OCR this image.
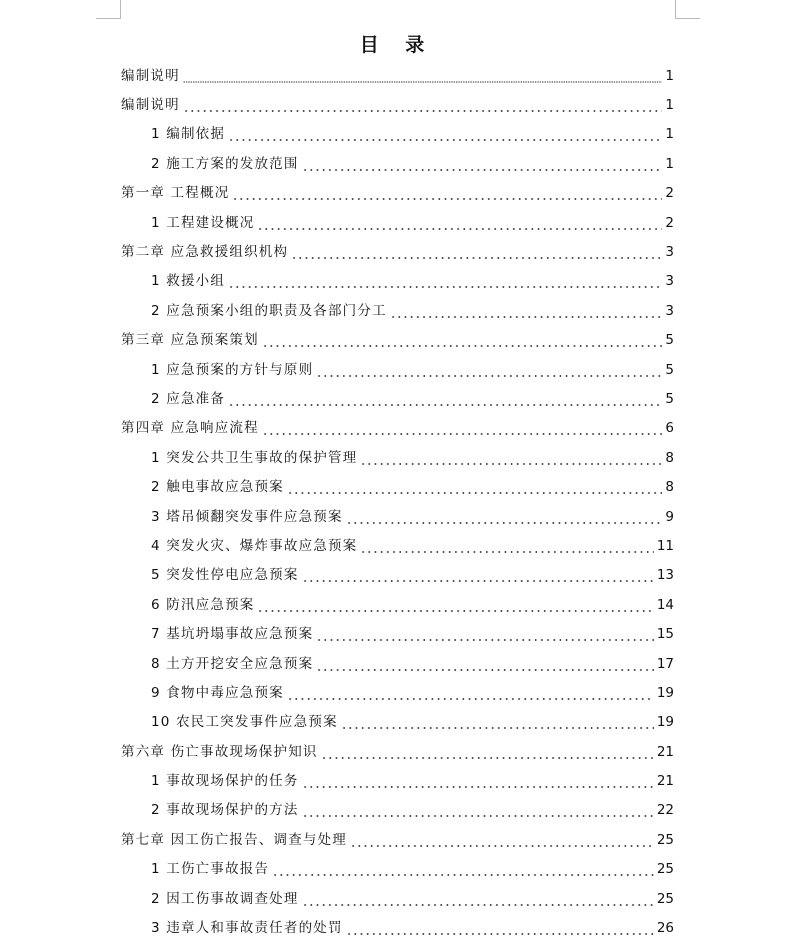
目 录
编制说明	1
编制说明	1
1 编制依据	1
2 施工方案的发放范围	1
第一章 工程概况	2
1 工程建设概况	2
第二章 应急救援组织机构	3
1 救援小组	3
2 应急预案小组的职责及各部门分工	3
第三章 应急预案策划	5
1 应急预案的方针与原则	5
2 应急准备	5
第四章 应急响应流程	6
1 突发公共卫生事故的保护管理	8
2 触电事故应急预案	8
3 塔吊倾翻突发事件应急预案	9
4 突发火灾、爆炸事故应急预案	11
5 突发性停电应急预案	13
6 防汛应急预案	14
7 基坑坍塌事故应急预案	15
8 土方开挖安全应急预案	17
9 食物中毒应急预案	19
10 农民工突发事件应急预案	19
第六章 伤亡事故现场保护知识	21
1 事故现场保护的任务	21
2 事故现场保护的方法	22
第七章 因工伤亡报告、调查与处理	25
1 工伤亡事故报告	25
2 因工伤事故调查处理	25
3 违章人和事故责任者的处罚	26
